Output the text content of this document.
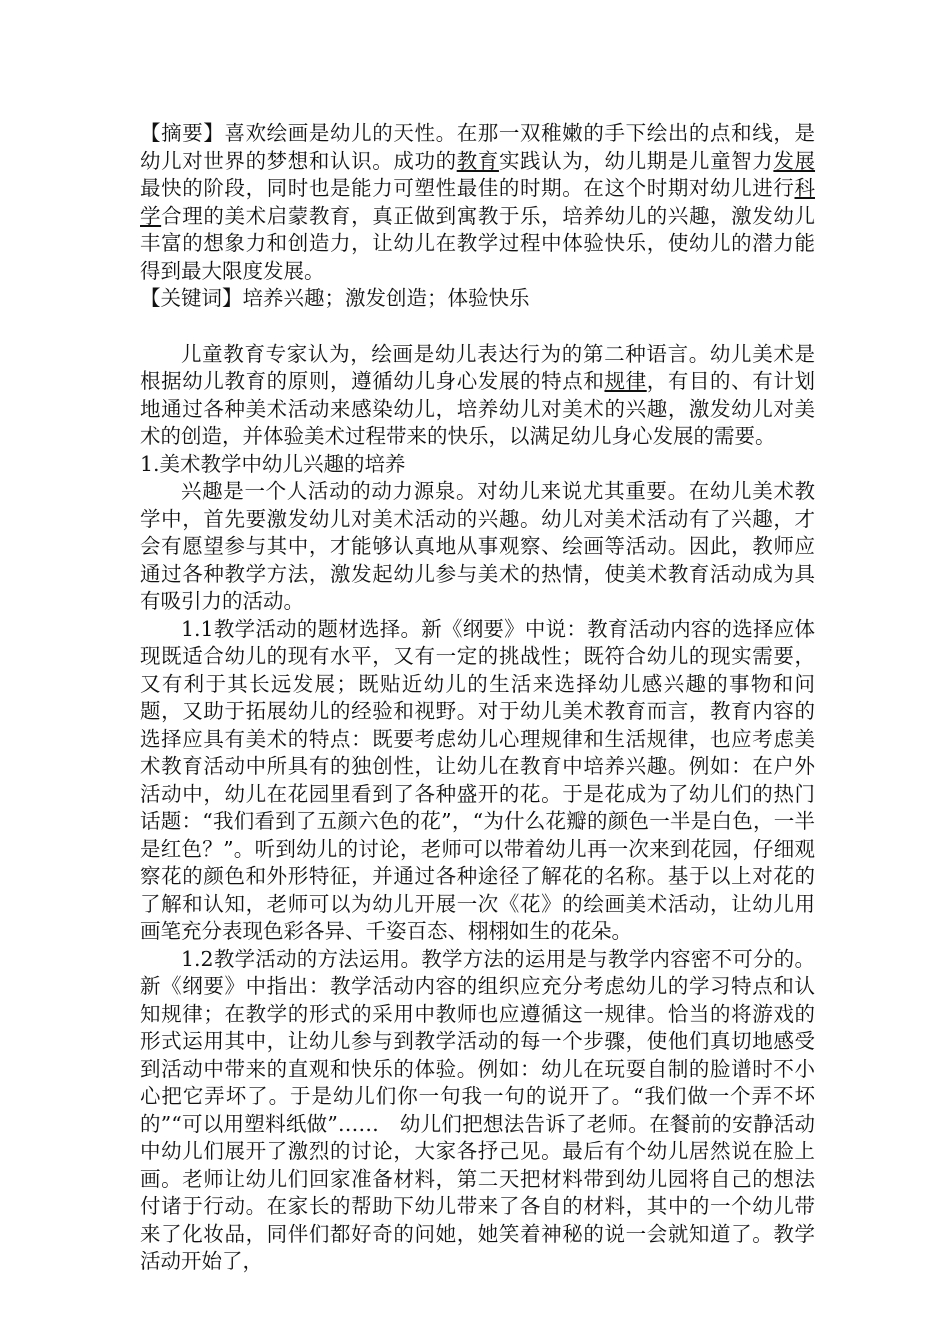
【摘要】喜欢绘画是幼儿的天性。在那一双稚嫩的手下绘出的点和线，是幼儿对世界的梦想和认识。成功的教育实践认为，幼儿期是儿童智力发展最快的阶段，同时也是能力可塑性最佳的时期。在这个时期对幼儿进行科学合理的美术启蒙教育，真正做到寓教于乐，培养幼儿的兴趣，激发幼儿丰富的想象力和创造力，让幼儿在教学过程中体验快乐，使幼儿的潜力能得到最大限度发展。

【关键词】培养兴趣；激发创造；体验快乐

儿童教育专家认为，绘画是幼儿表达行为的第二种语言。幼儿美术是根据幼儿教育的原则，遵循幼儿身心发展的特点和规律，有目的、有计划地通过各种美术活动来感染幼儿，培养幼儿对美术的兴趣，激发幼儿对美术的创造，并体验美术过程带来的快乐，以满足幼儿身心发展的需要。

1.美术教学中幼儿兴趣的培养

兴趣是一个人活动的动力源泉。对幼儿来说尤其重要。在幼儿美术教学中，首先要激发幼儿对美术活动的兴趣。幼儿对美术活动有了兴趣，才会有愿望参与其中，才能够认真地从事观察、绘画等活动。因此，教师应通过各种教学方法，激发起幼儿参与美术的热情，使美术教育活动成为具有吸引力的活动。

1.1教学活动的题材选择。新《纲要》中说：教育活动内容的选择应体现既适合幼儿的现有水平，又有一定的挑战性；既符合幼儿的现实需要，又有利于其长远发展；既贴近幼儿的生活来选择幼儿感兴趣的事物和问题，又助于拓展幼儿的经验和视野。对于幼儿美术教育而言，教育内容的选择应具有美术的特点：既要考虑幼儿心理规律和生活规律，也应考虑美术教育活动中所具有的独创性，让幼儿在教育中培养兴趣。例如：在户外活动中，幼儿在花园里看到了各种盛开的花。于是花成为了幼儿们的热门话题：“我们看到了五颜六色的花”，“为什么花瓣的颜色一半是白色，一半是红色？”。听到幼儿的讨论，老师可以带着幼儿再一次来到花园，仔细观察花的颜色和外形特征，并通过各种途径了解花的名称。基于以上对花的了解和认知，老师可以为幼儿开展一次《花》的绘画美术活动，让幼儿用画笔充分表现色彩各异、千姿百态、栩栩如生的花朵。

1.2教学活动的方法运用。教学方法的运用是与教学内容密不可分的。新《纲要》中指出：教学活动内容的组织应充分考虑幼儿的学习特点和认知规律；在教学的形式的采用中教师也应遵循这一规律。恰当的将游戏的形式运用其中，让幼儿参与到教学活动的每一个步骤，使他们真切地感受到活动中带来的直观和快乐的体验。例如：幼儿在玩耍自制的脸谱时不小心把它弄坏了。于是幼儿们你一句我一句的说开了。“我们做一个弄不坏的”“可以用塑料纸做”……　幼儿们把想法告诉了老师。在餐前的安静活动中幼儿们展开了激烈的讨论，大家各抒己见。最后有个幼儿居然说在脸上画。老师让幼儿们回家准备材料，第二天把材料带到幼儿园将自己的想法付诸于行动。在家长的帮助下幼儿带来了各自的材料，其中的一个幼儿带来了化妆品，同伴们都好奇的问她，她笑着神秘的说一会就知道了。教学活动开始了，
